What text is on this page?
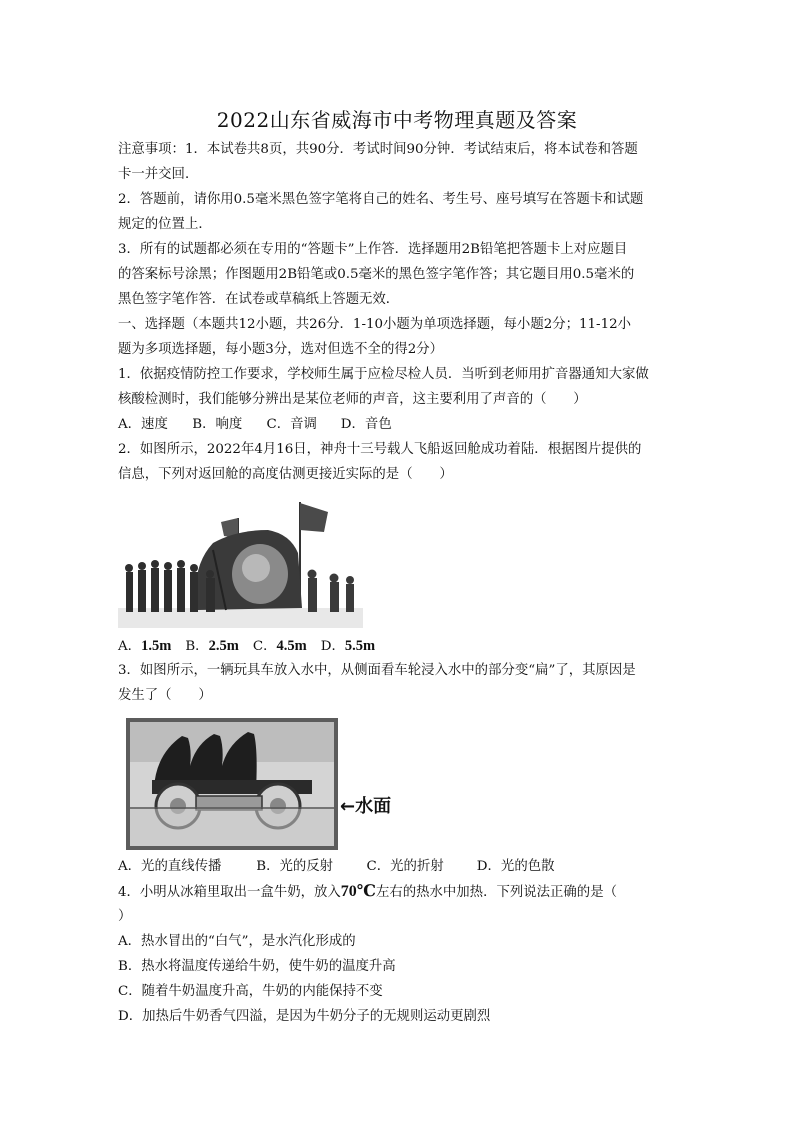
2022山东省威海市中考物理真题及答案
注意事项：1．本试卷共8页，共90分．考试时间90分钟．考试结束后，将本试卷和答题
卡一并交回．
2．答题前，请你用0.5毫米黑色签字笔将自己的姓名、考生号、座号填写在答题卡和试题
规定的位置上．
3．所有的试题都必须在专用的“答题卡”上作答．选择题用2B铅笔把答题卡上对应题目
的答案标号涂黑；作图题用2B铅笔或0.5毫米的黑色签字笔作答；其它题目用0.5毫米的
黑色签字笔作答．在试卷或草稿纸上答题无效．
一、选择题（本题共12小题，共26分．1-10小题为单项选择题，每小题2分；11-12小
题为多项选择题，每小题3分，选对但选不全的得2分）
1．依据疫情防控工作要求，学校师生属于应检尽检人员．当听到老师用扩音器通知大家做
核酸检测时，我们能够分辨出是某位老师的声音，这主要利用了声音的（　　）
A．速度 B．响度 C．音调 D．音色
2．如图所示，2022年4月16日，神舟十三号载人飞船返回舱成功着陆．根据图片提供的
信息，下列对返回舱的高度估测更接近实际的是（　　）
A．1.5m B．2.5m C．4.5m D．5.5m
3．如图所示，一辆玩具车放入水中，从侧面看车轮浸入水中的部分变“扁”了，其原因是
发生了（　　）
←水面
A．光的直线传播	B．光的反射 C．光的折射 D．光的色散
4．小明从冰箱里取出一盒牛奶，放入70℃左右的热水中加热．下列说法正确的是（
）
A．热水冒出的“白气”，是水汽化形成的
B．热水将温度传递给牛奶，使牛奶的温度升高
C．随着牛奶温度升高，牛奶的内能保持不变
D．加热后牛奶香气四溢，是因为牛奶分子的无规则运动更剧烈
